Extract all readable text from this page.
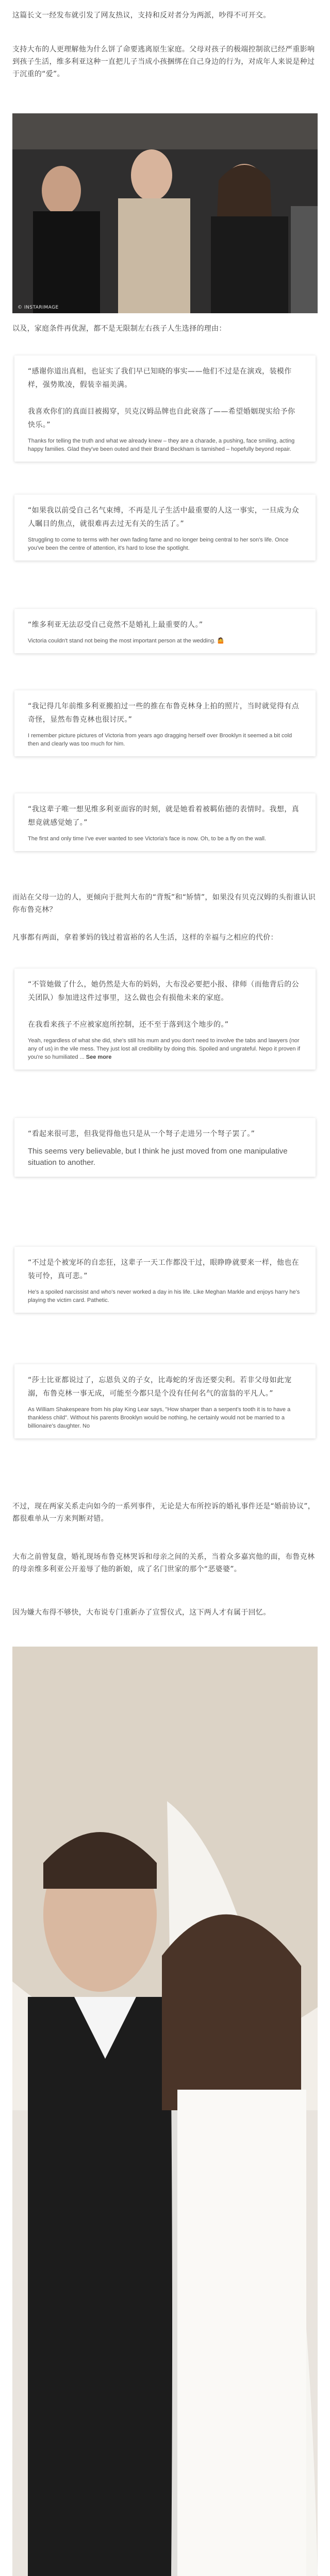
这篇长文一经发布就引发了网友热议，支持和反对者分为两派，吵得不可开交。
支持大布的人更理解他为什么饼了命要逃离原生家庭。父母对孩子的极端控制欲已经严重影响到孩子生活，维多利亚这种一直把儿子当成小孩捆绑在自己身边的行为，对成年人来说是种过于沉重的“爱”。
© INSTARIMAGE
以及，家庭条件再优渥，都不是无限制左右孩子人生选择的理由：
“感谢你道出真相，也证实了我们早已知晓的事实——他们不过是在演戏，装模作样，强势欺凌，假装幸福美满。

我喜欢你们的真面目被揭穿，贝克汉姆品牌也自此衰落了——希望婚姻现实给予你快乐。”
Thanks for telling the truth and what we already knew – they are a charade, a pushing, face smiling, acting happy families. Glad they've been outed and their Brand Beckham is tarnished – hopefully beyond repair.
“如果我以前受自己名气束缚，不再是儿子生活中最重要的人这一事实，一旦成为众人瞩目的焦点，就很难再去过无有关的生活了。”
Struggling to come to terms with her own fading fame and no longer being central to her son's life. Once you've been the centre of attention, it's hard to lose the spotlight.
“维多利亚无法忍受自己竟然不是婚礼上最重要的人。”
Victoria couldn't stand not being the most important person at the wedding. 🤷
“我记得几年前维多利亚搬拍过一些的推在布鲁克林身上拍的照片，当时就觉得有点奇怪，显然布鲁克林也很讨厌。”
I remember picture pictures of Victoria from years ago dragging herself over Brooklyn it seemed a bit cold then and clearly was too much for him.
“我这辈子唯一想见维多利亚面容的时刻，就是她看着被羁佑德的表情时。我想，真想竟就感觉她了。”
The first and only time I've ever wanted to see Victoria's face is now. Oh, to be a fly on the wall.
而站在父母一边的人，更倾向于批判大布的“背叛”和“矫情”，如果没有贝克汉姆的头衔谁认识你布鲁克林？
凡事都有两面，拿着爹妈的钱过着富裕的名人生活，这样的幸福与之相应的代价：
“不管她做了什么，她仍然是大布的妈妈，大布没必要把小报、律师（而他背后的公关团队）参加进这件过事里，这么做也会有损他未来的家庭。

在我看来孩子不应被家庭所控制，还不至于落到这个地步的。”
Yeah, regardless of what she did, she's still his mum and you don't need to involve the tabs and lawyers (nor any of us) in the vile mess. They just lost all credibility by doing this. Spoiled and ungrateful. Nepo it proven if you're so humiliated ... See more
“看起来很可悲，但我觉得他也只是从一个弩子走进另一个弩子罢了。”
This seems very believable, but I think he just moved from one manipulative situation to another.
“不过是个被宠坏的自恋狂，这辈子一天工作都没干过，眼睁睁就要来一样，他也在装可怜，真可悲。”
He's a spoiled narcissist and who's never worked a day in his life. Like Meghan Markle and enjoys harry he's playing the victim card. Pathetic.
“莎士比亚都说过了，忘恩负义的子女，比毒蛇的牙齿还要尖利。若非父母如此宠溺，布鲁克林一事无成，可能至今都只是个没有任何名气的富翁的平凡人。”
As William Shakespeare from his play King Lear says, "How sharper than a serpent's tooth it is to have a thankless child". Without his parents Brooklyn would be nothing, he certainly would not be married to a billionaire's daughter. No
不过，现在两家关系走向如今的一系列事件，无论是大布所控诉的婚礼事件还是“婚前协议”，都很难单从一方来判断对错。
大布之前曾复盘，婚礼现场布鲁克林哭诉和母亲之间的关系，当着众多嘉宾他的面，布鲁克林的母亲维多利亚公开羞辱了他的新娘，成了名门世家的那个“恶婆婆”。
因为嫌大布得不够快，大布说专门重新办了宣誓仪式，这下两人才有属于回忆。
